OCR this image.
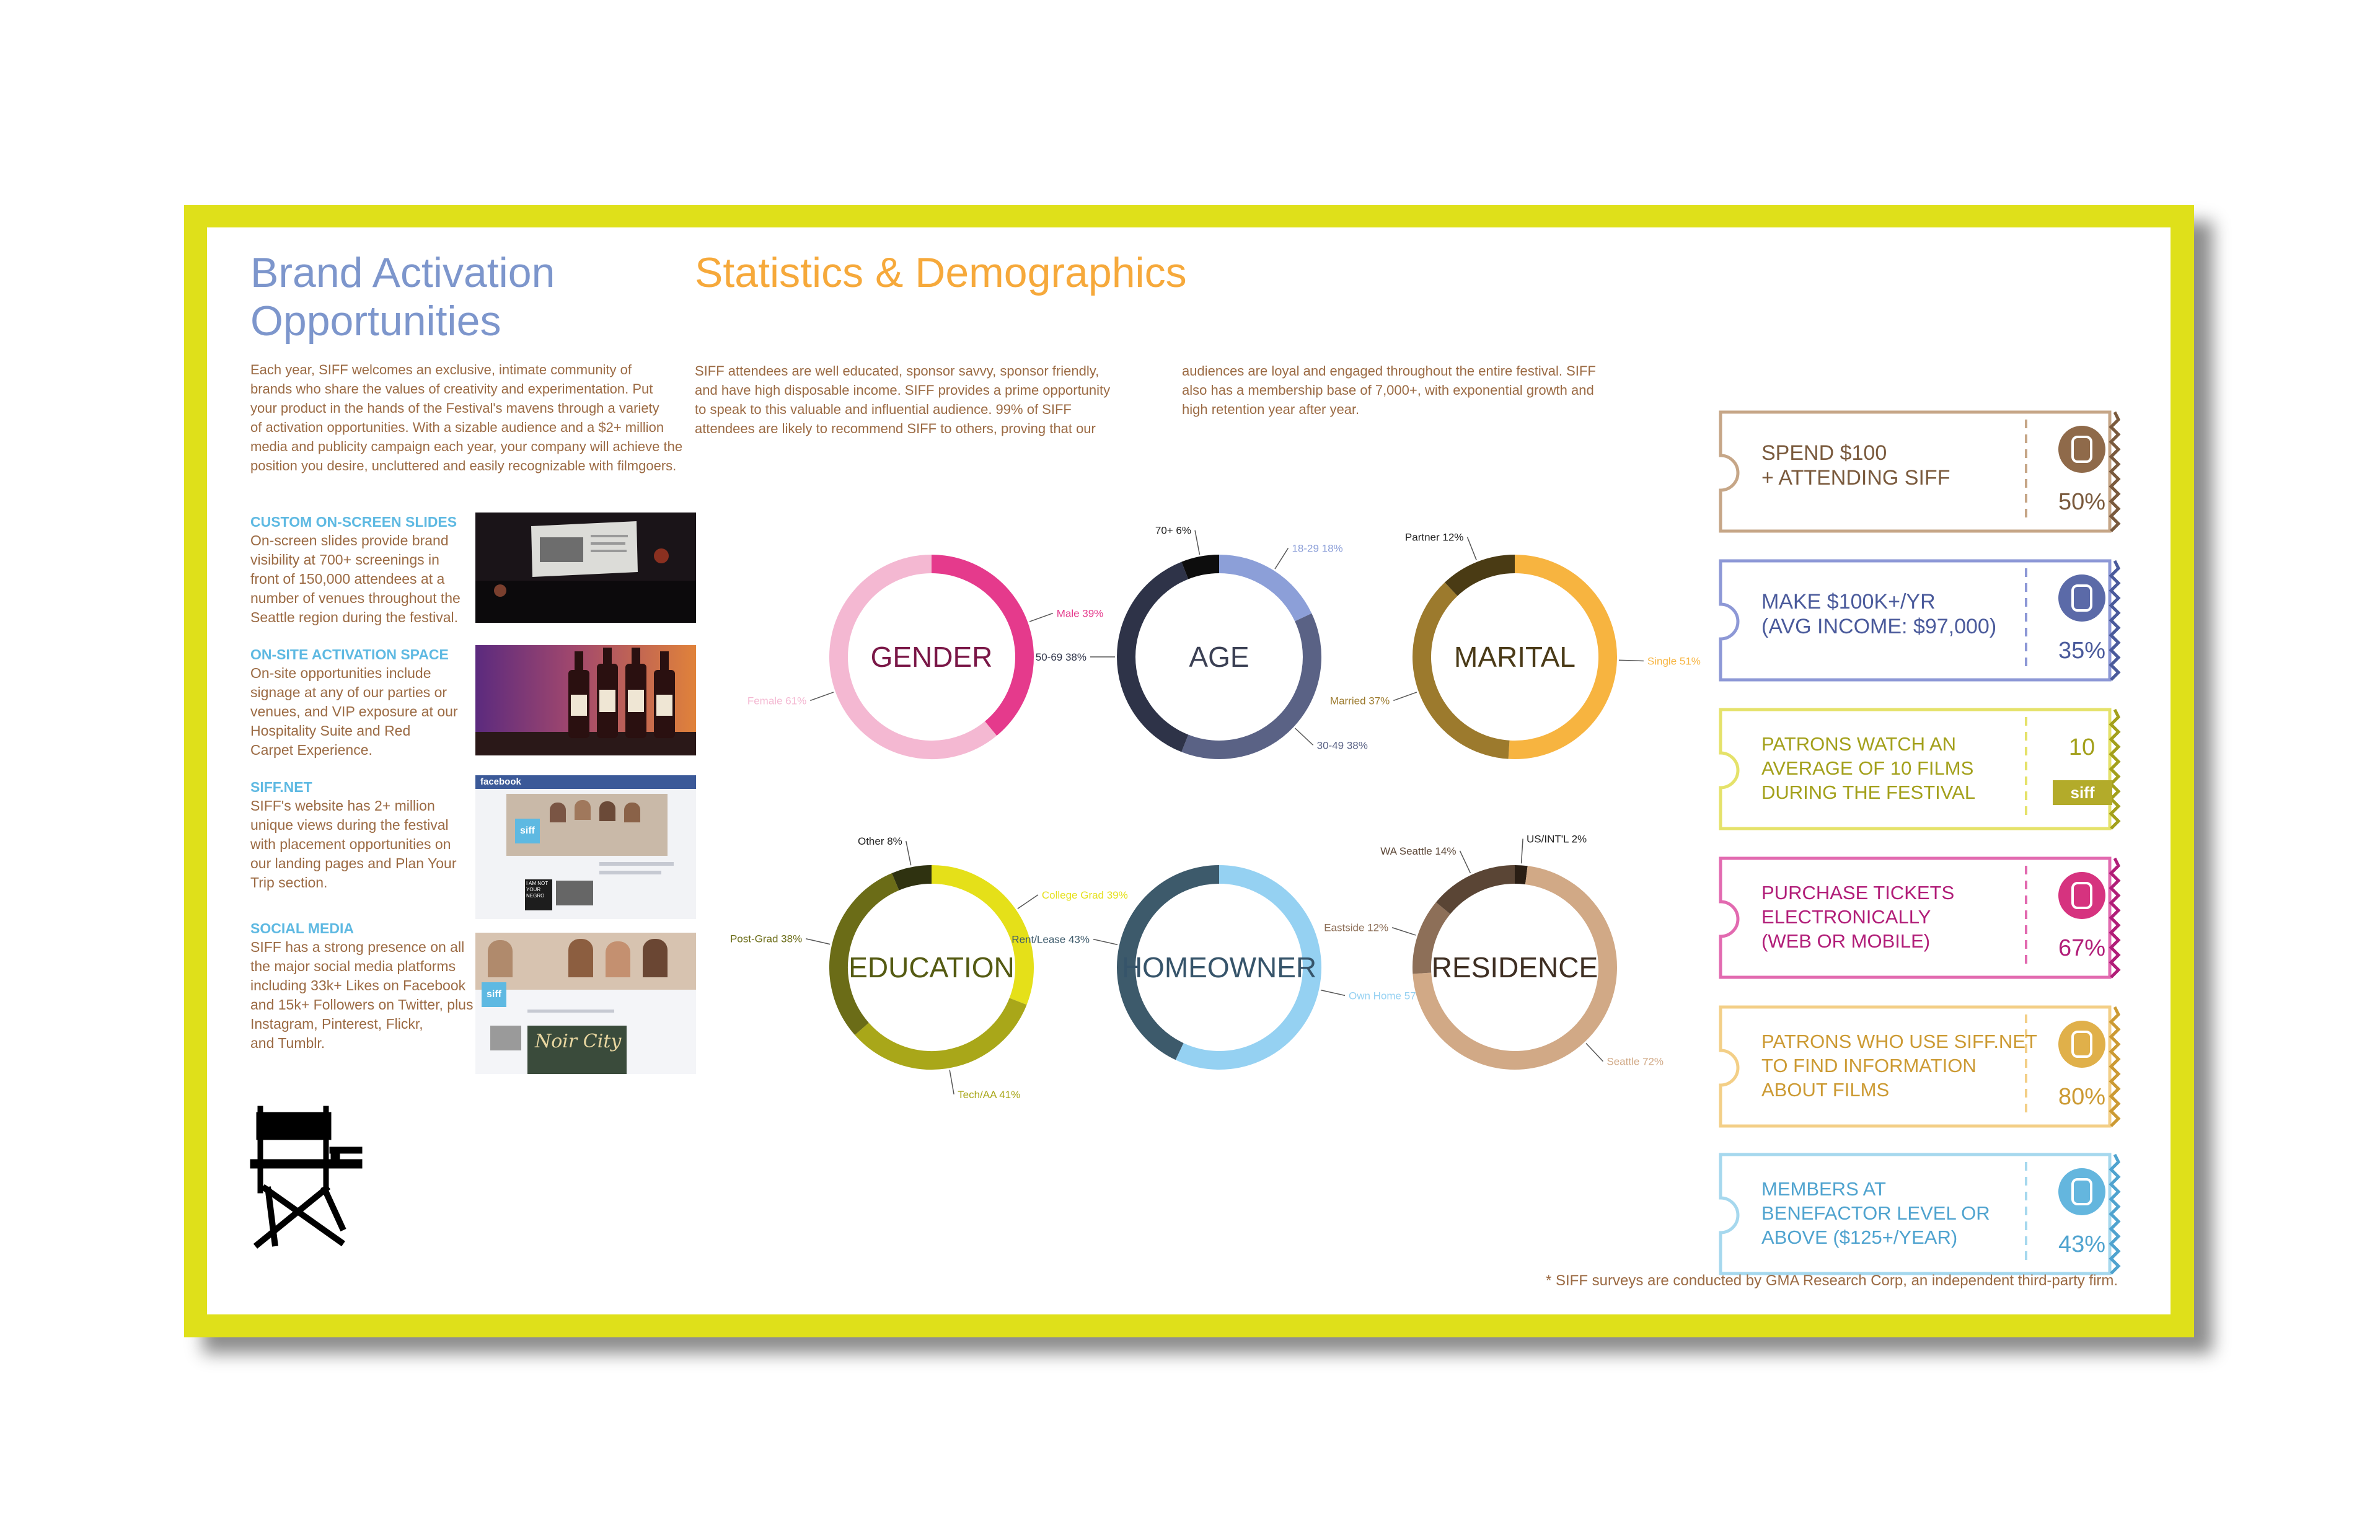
Brand Activation
Opportunities

Each year, SIFF welcomes an exclusive, intimate community of

brands who share the values of creativity and experimentation. Put

your product in the hands of the Festival's mavens through a variety

of activation opportunities. With a sizable audience and a $2+ million

media and publicity campaign each year, your company will achieve the

position you desire, uncluttered and easily recognizable with filmgoers.

CUSTOM ON-SCREEN SLIDES
On-screen slides provide brand
visibility at 700+ screenings in
front of 150,000 attendees at a
number of venues throughout the
Seattle region during the festival.
ON-SITE ACTIVATION SPACE
On-site opportunities include
signage at any of our parties or
venues, and VIP exposure at our
Hospitality Suite and Red
Carpet Experience.
SIFF.NET
SIFF's website has 2+ million
unique views during the festival
with placement opportunities on
our landing pages and Plan Your
Trip section.
facebook
siff
I AM NOT YOUR NEGRO
SOCIAL MEDIA
SIFF has a strong presence on all
the major social media platforms
including 33k+ Likes on Facebook
and 15k+ Followers on Twitter, plus
Instagram, Pinterest, Flickr,
and Tumblr.
siff
Noir City
Statistics & Demographics

SIFF attendees are well educated, sponsor savvy, sponsor friendly,

and have high disposable income. SIFF provides a prime opportunity

to speak to this valuable and influential audience. 99% of SIFF

attendees are likely to recommend SIFF to others, proving that our

audiences are loyal and engaged throughout the entire festival. SIFF

also has a membership base of 7,000+, with exponential growth and

high retention year after year.

Male 39%
Female 61%
GENDER
18-29 18%
30-49 38%
50-69 38%
70+ 6%
AGE	Single 51%
Married 37%
Partner 12%
MARITAL
College Grad 39%
Tech/AA 41%
Post-Grad 38%
Other 8%
EDUCATION
Own Home 57%
Rent/Lease 43%
HOMEOWNER
US/INT'L 2%
Seattle 72%
Eastside 12%
WA Seattle 14%
RESIDENCE
SPEND $100
+ ATTENDING SIFF
50%
MAKE $100K+/YR
(AVG INCOME: $97,000)
35%
PATRONS WATCH AN
AVERAGE OF 10 FILMS
DURING THE FESTIVAL
10
siff
PURCHASE TICKETS
ELECTRONICALLY
(WEB OR MOBILE)	67%
PATRONS WHO USE SIFF.NET
TO FIND INFORMATION
ABOUT FILMS	80%
MEMBERS AT
BENEFACTOR LEVEL OR
ABOVE ($125+/YEAR)	43%
* SIFF surveys are conducted by GMA Research Corp, an independent third-party firm.
